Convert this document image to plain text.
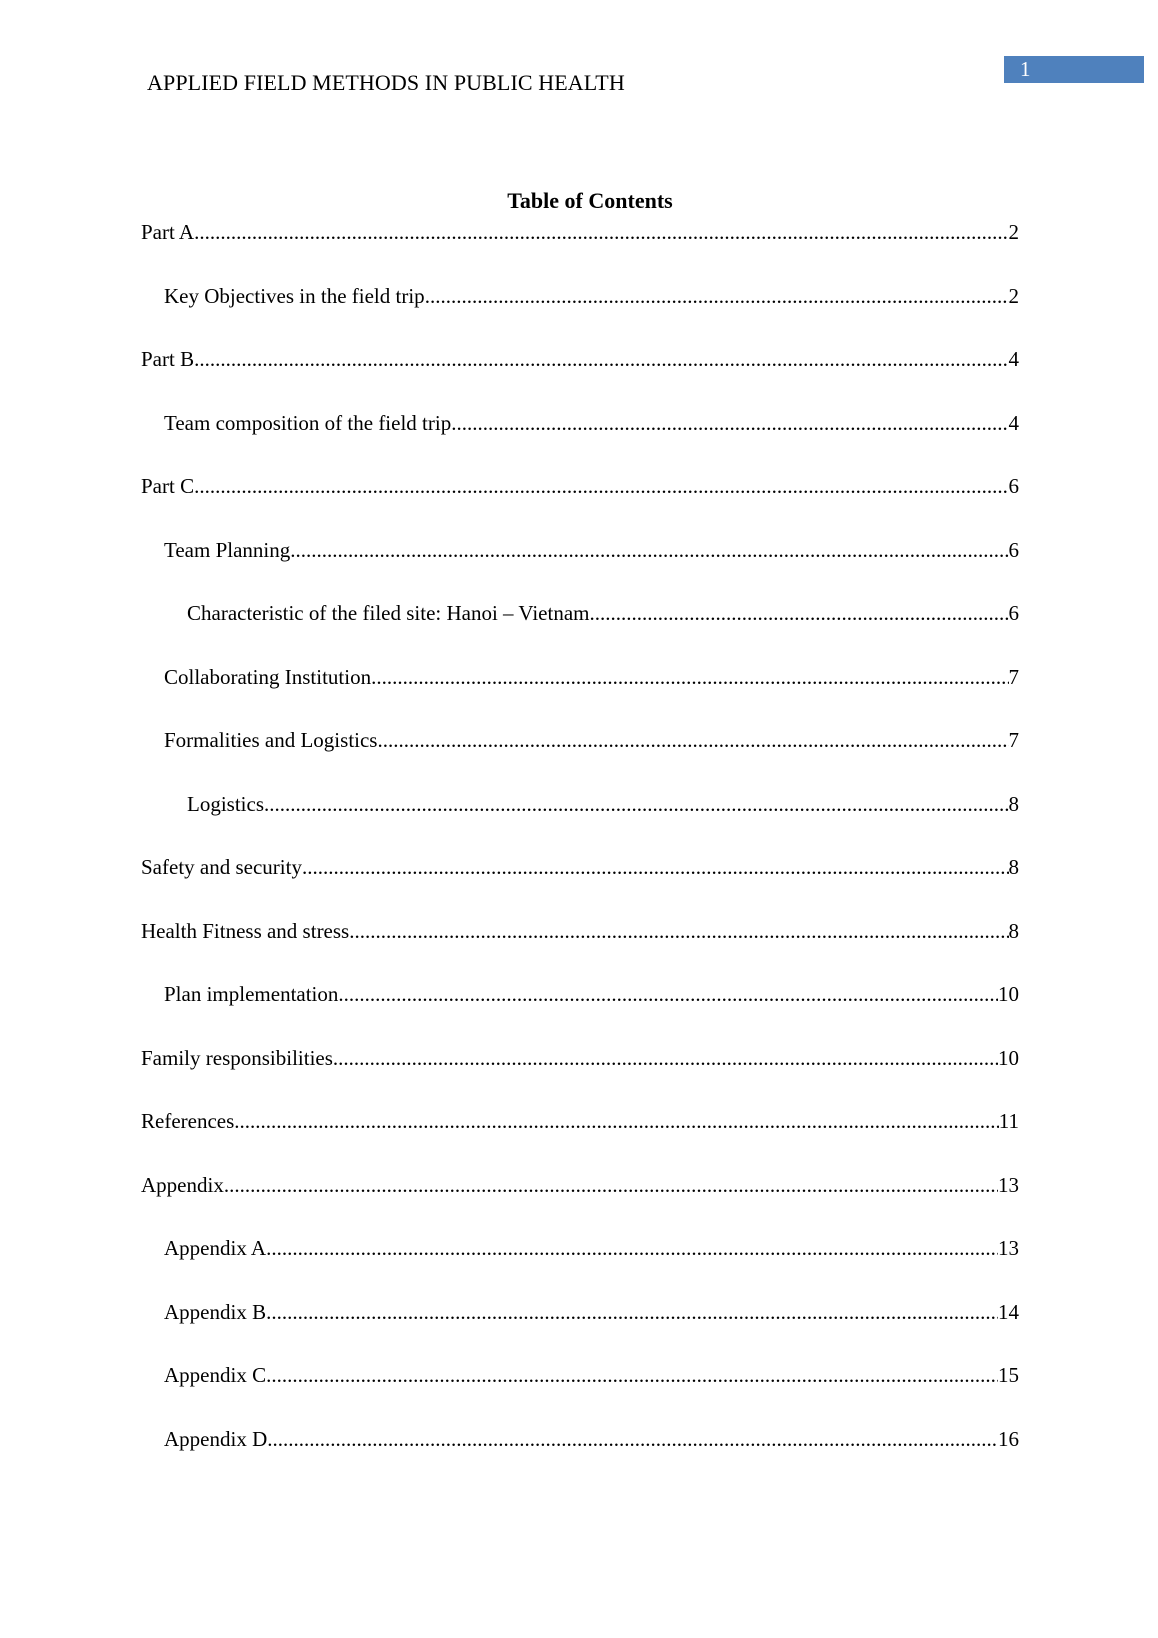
APPLIED FIELD METHODS IN PUBLIC HEALTH
1
Table of Contents
Part A .....	2
Key Objectives in the field trip .....	2
Part B .....	4
Team composition of the field trip .....	4
Part C .....	6
Team Planning .....	6
Characteristic of the filed site: Hanoi – Vietnam .....	6
Collaborating Institution .....	7
Formalities and Logistics .....	7
Logistics .....	8
Safety and security .....	8
Health Fitness and stress .....	8
Plan implementation .....	10
Family responsibilities .....	10
References .....	11
Appendix .....	13
Appendix A .....	13
Appendix B .....	14
Appendix C .....	15
Appendix D .....	16
